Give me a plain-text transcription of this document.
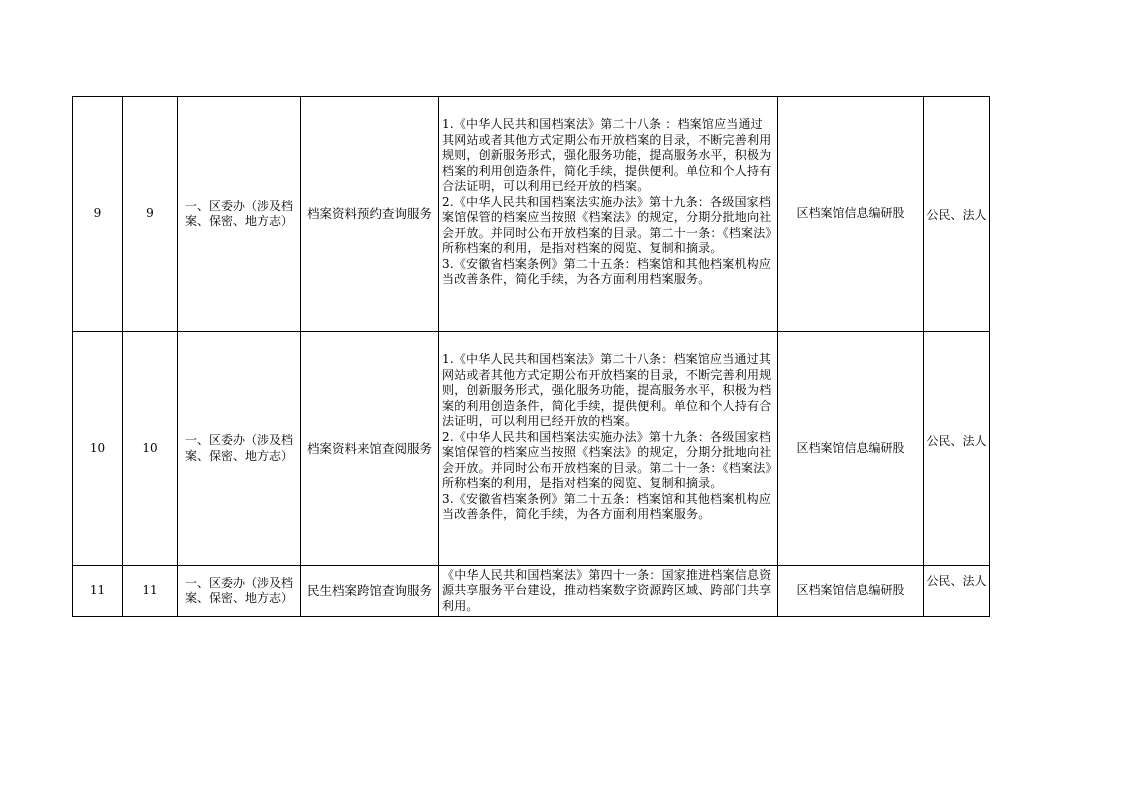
9	9	一、区委办（涉及档案、保密、地方志）	档案资料预约查询服务	1.《中华人民共和国档案法》第二十八条 ：档案馆应当通过其网站或者其他方式定期公布开放档案的目录，不断完善利用规则，创新服务形式，强化服务功能，提高服务水平，积极为档案的利用创造条件，简化手续，提供便利。单位和个人持有合法证明，可以利用已经开放的档案。
2.《中华人民共和国档案法实施办法》第十九条：各级国家档案馆保管的档案应当按照《档案法》的规定，分期分批地向社会开放。并同时公布开放档案的目录。第二十一条：《档案法》所称档案的利用，是指对档案的阅览、复制和摘录。
3.《安徽省档案条例》第二十五条：档案馆和其他档案机构应当改善条件，简化手续，为各方面利用档案服务。	区档案馆信息编研股	公民、法人

10	10	一、区委办（涉及档案、保密、地方志）	档案资料来馆查阅服务	1.《中华人民共和国档案法》第二十八条：档案馆应当通过其网站或者其他方式定期公布开放档案的目录，不断完善利用规则，创新服务形式，强化服务功能，提高服务水平，积极为档案的利用创造条件，简化手续，提供便利。单位和个人持有合法证明，可以利用已经开放的档案。
2.《中华人民共和国档案法实施办法》第十九条：各级国家档案馆保管的档案应当按照《档案法》的规定，分期分批地向社会开放。并同时公布开放档案的目录。第二十一条：《档案法》所称档案的利用，是指对档案的阅览、复制和摘录。
3.《安徽省档案条例》第二十五条：档案馆和其他档案机构应当改善条件，简化手续，为各方面利用档案服务。	区档案馆信息编研股	公民、法人

11	11	一、区委办（涉及档案、保密、地方志）	民生档案跨馆查询服务	《中华人民共和国档案法》第四十一条：国家推进档案信息资源共享服务平台建设，推动档案数字资源跨区域、跨部门共享利用。	区档案馆信息编研股	公民、法人
